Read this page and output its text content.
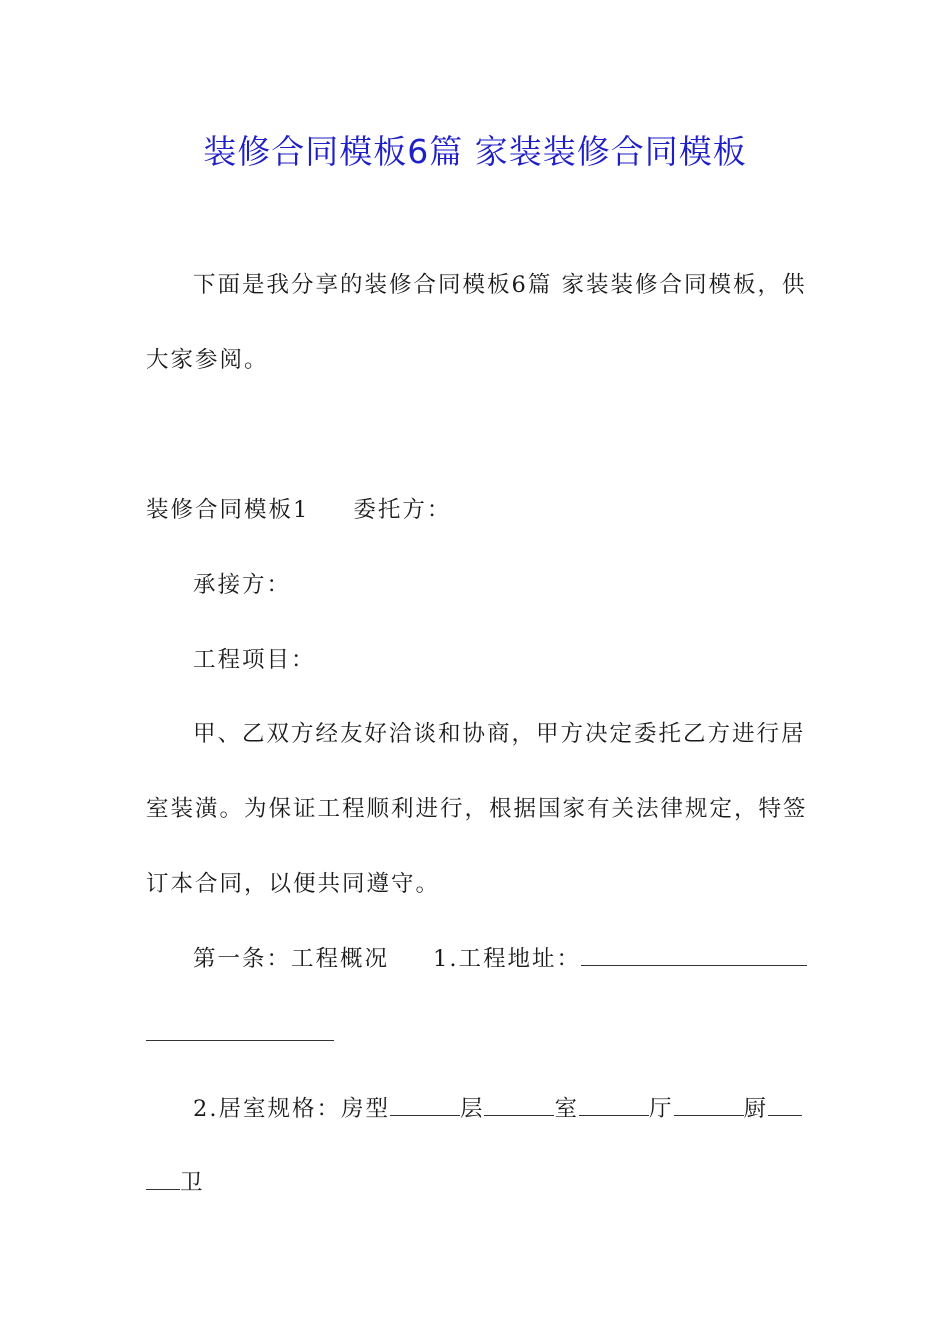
装修合同模板6篇 家装装修合同模板
下面是我分享的装修合同模板6篇 家装装修合同模板，供
大家参阅。
装修合同模板1 委托方：
承接方：
工程项目：
甲、乙双方经友好洽谈和协商，甲方决定委托乙方进行居
室装潢。为保证工程顺利进行，根据国家有关法律规定，特签
订本合同，以便共同遵守。
第一条：工程概况 1.工程地址：
2.居室规格：房型	层	室	厅	厨
卫
